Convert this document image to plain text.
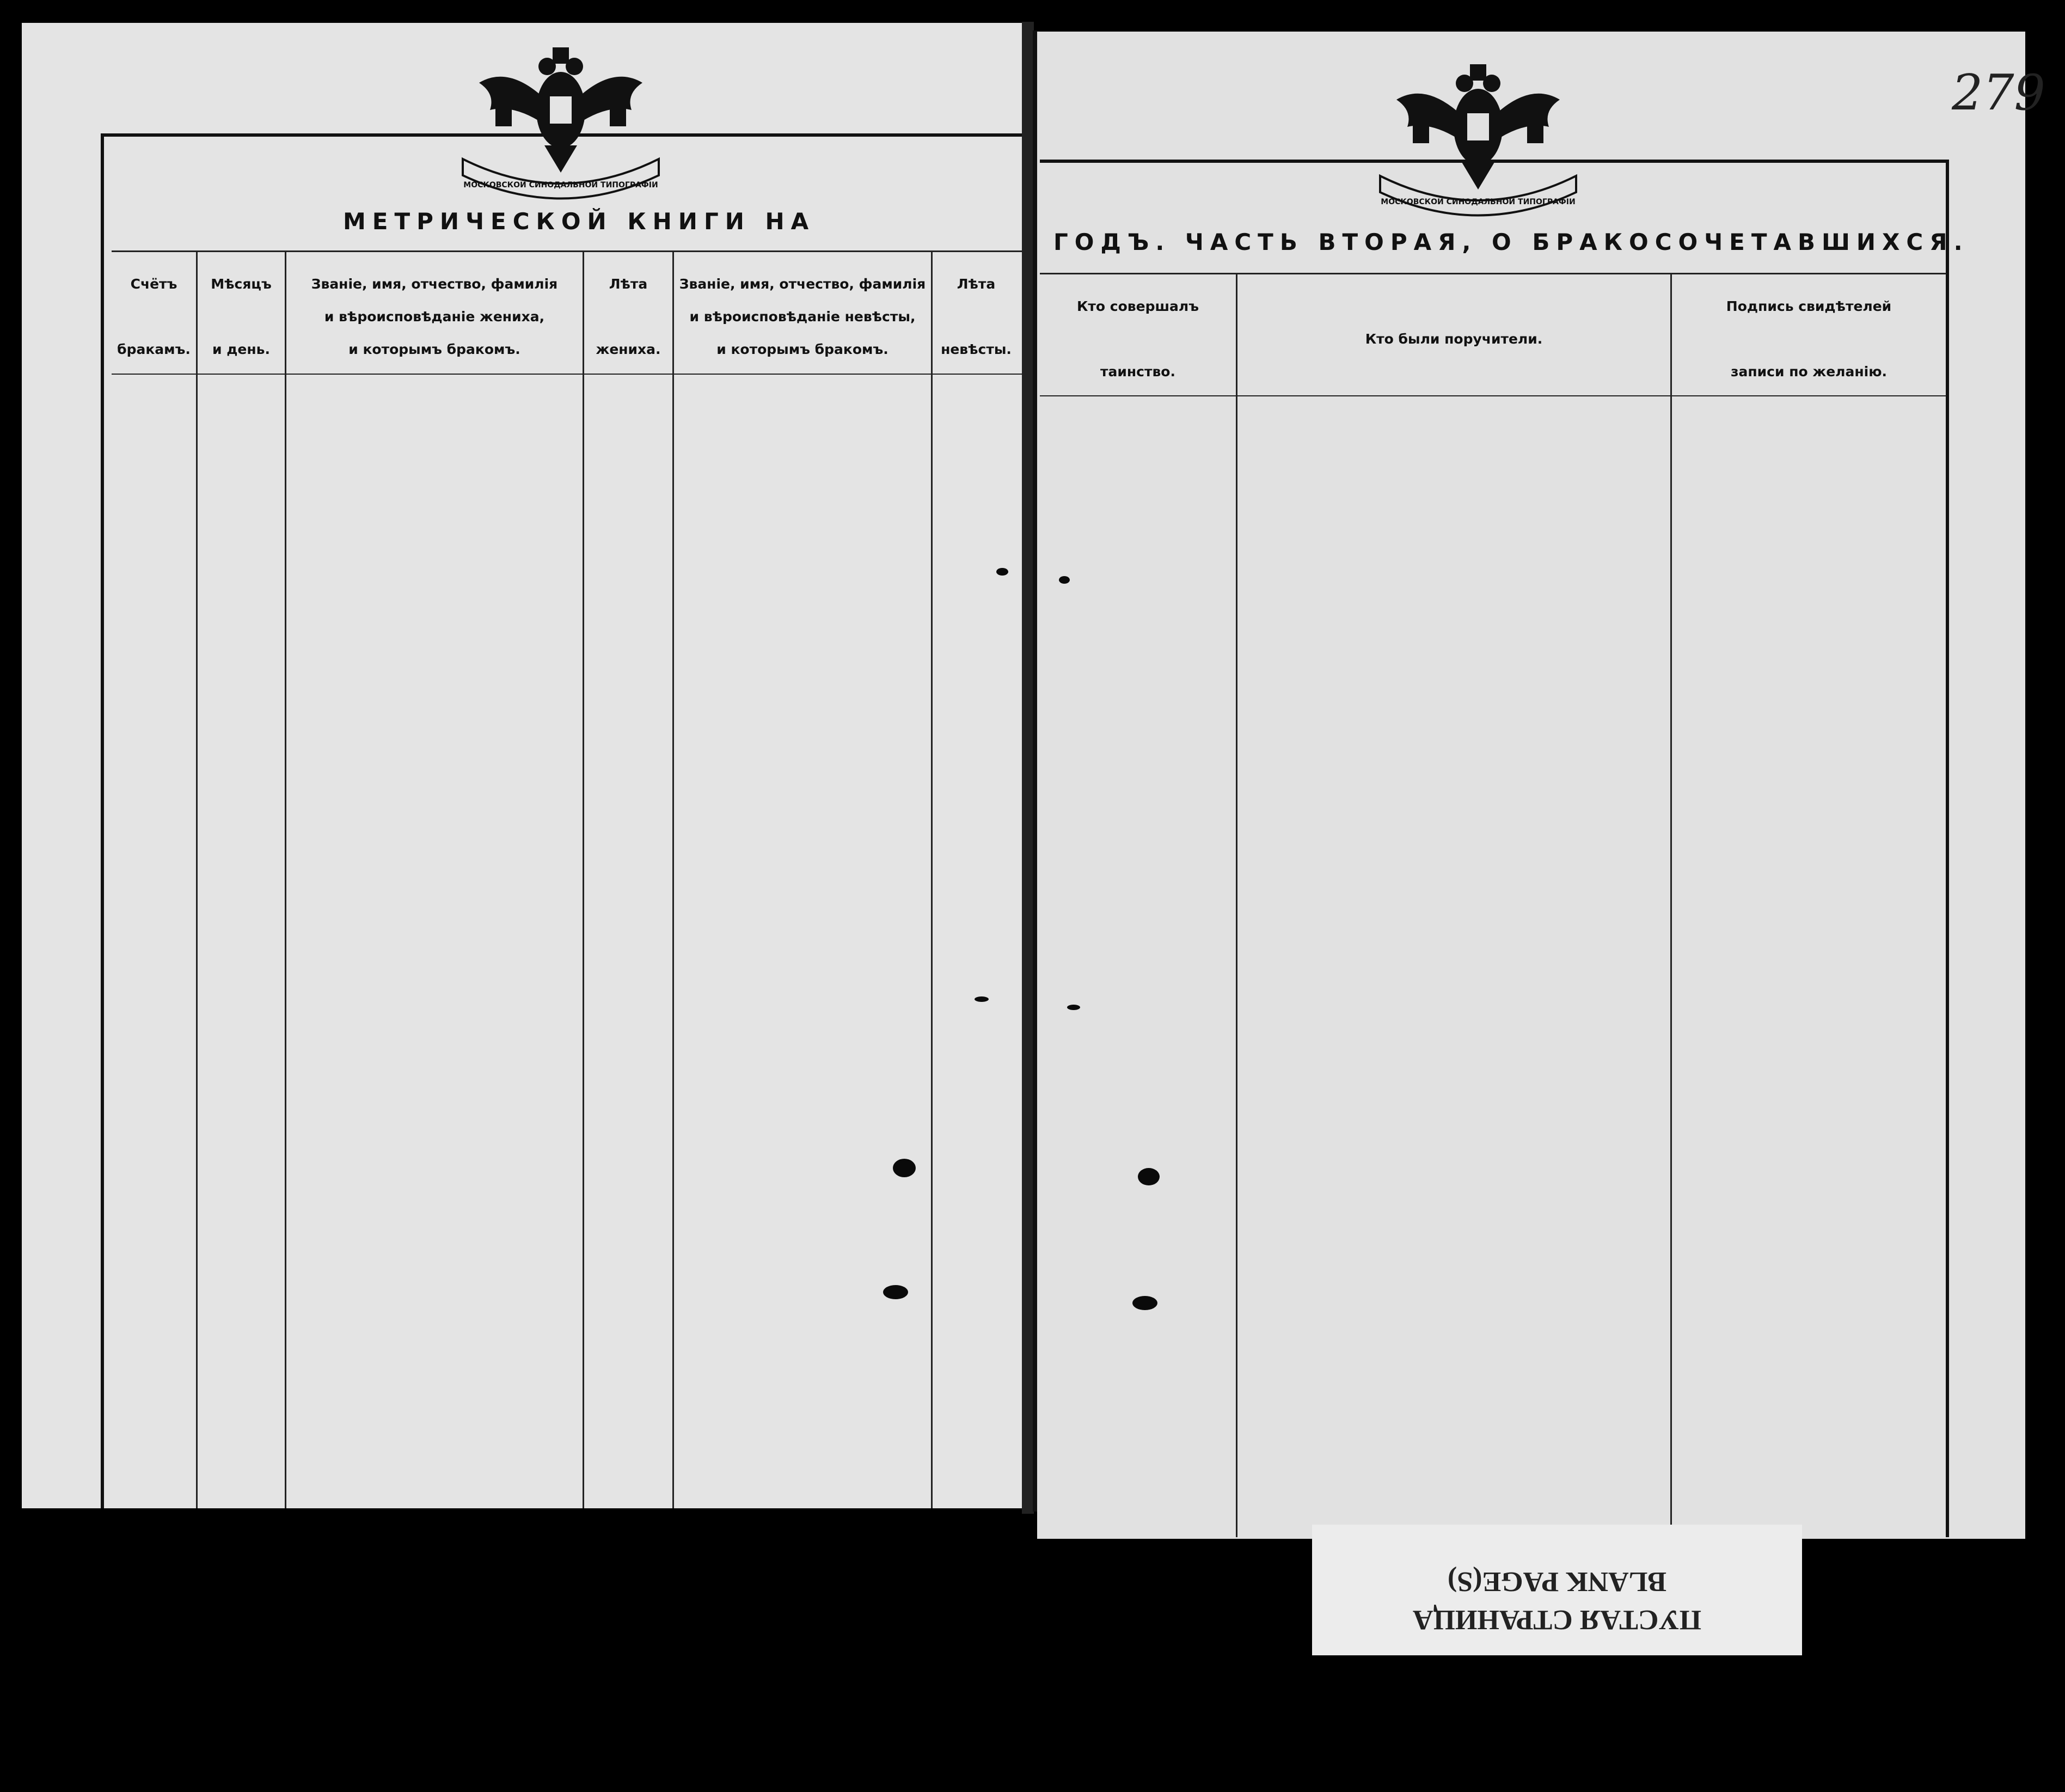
МОСКОВСКОЙ СИНОДАЛЬНОЙ ТИПОГРАФІИ
МЕТРИЧЕСКОЙ КНИГИ НА
Счётъ

бракамъ.
Мѣсяцъ

и день.
Званіе, имя, отчество, фамилія
и вѣроисповѣданіе жениха,
и которымъ бракомъ.
Лѣта

жениха.
Званіе, имя, отчество, фамилія
и вѣроисповѣданіе невѣсты,
и которымъ бракомъ.
Лѣта

невѣсты.
МОСКОВСКОЙ СИНОДАЛЬНОЙ ТИПОГРАФІИ
279
ГОДЪ. ЧАСТЬ ВТОРАЯ, О БРАКОСОЧЕТАВШИХСЯ.
Кто совершалъ

таинство.

Кто были поручители.

Подпись свидѣтелей

записи по желанію.
ПУСТАЯ СТРАНИЦА
BLANK PAGE(S)
